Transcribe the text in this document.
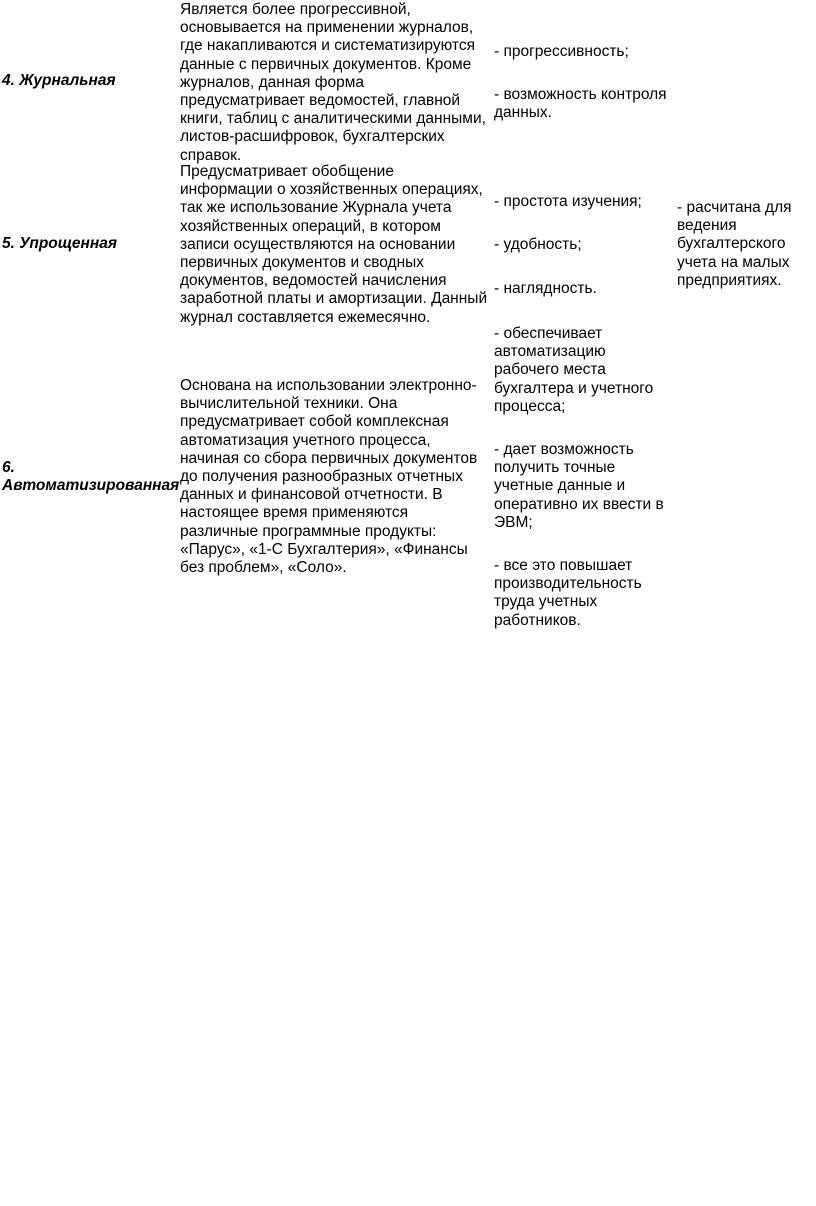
4. Журнальная
Является более прогрессивной,
основывается на применении журналов,
где накапливаются и систематизируются
данные с первичных документов. Кроме
журналов, данная форма
предусматривает ведомостей, главной
книги, таблиц с аналитическими данными,
листов-расшифровок, бухгалтерских
справок.
- прогрессивность;
- возможность контроля
данных.
5. Упрощенная
Предусматривает обобщение
информации о хозяйственных операциях,
так же использование Журнала учета
хозяйственных операций, в котором
записи осуществляются на основании
первичных документов и сводных
документов, ведомостей начисления
заработной платы и амортизации. Данный
журнал составляется ежемесячно.
- простота изучения;
- удобность;
- наглядность.
- расчитана для
ведения
бухгалтерского
учета на малых
предприятиях.
6.
Автоматизированная
Основана на использовании электронно-
вычислительной техники. Она
предусматривает собой комплексная
автоматизация учетного процесса,
начиная со сбора первичных документов
до получения разнообразных отчетных
данных и финансовой отчетности. В
настоящее время применяются
различные программные продукты:
«Парус», «1-С Бухгалтерия», «Финансы
без проблем», «Соло».
- обеспечивает
автоматизацию
рабочего места
бухгалтера и учетного
процесса;
- дает возможность
получить точные
учетные данные и
оперативно их ввести в
ЭВМ;
- все это повышает
производительность
труда учетных
работников.
